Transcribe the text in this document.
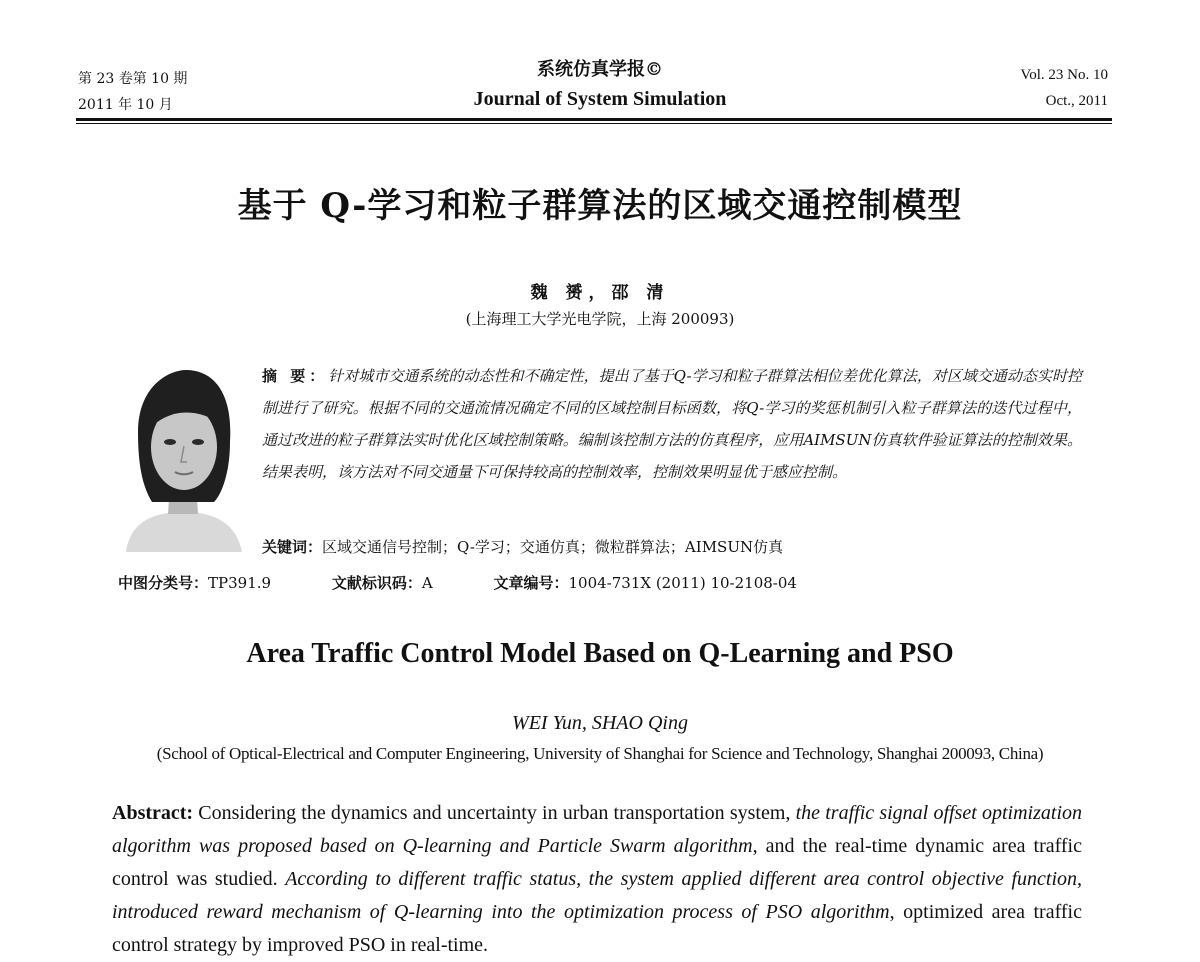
第 23 卷第 10 期
2011 年 10 月
系统仿真学报©
Journal of System Simulation
Vol. 23 No. 10
Oct., 2011
基于 Q-学习和粒子群算法的区域交通控制模型
魏 赟，邵 清
(上海理工大学光电学院，上海 200093)
摘 要：针对城市交通系统的动态性和不确定性，提出了基于Q-学习和粒子群算法相位差优化算法，对区域交通动态实时控制进行了研究。根据不同的交通流情况确定不同的区域控制目标函数，将Q-学习的奖惩机制引入粒子群算法的迭代过程中，通过改进的粒子群算法实时优化区域控制策略。编制该控制方法的仿真程序，应用AIMSUN仿真软件验证算法的控制效果。结果表明，该方法对不同交通量下可保持较高的控制效率，控制效果明显优于感应控制。
关键词：区域交通信号控制；Q-学习；交通仿真；微粒群算法；AIMSUN仿真
中图分类号：TP391.9	文献标识码：A	文章编号：1004-731X (2011) 10-2108-04
Area Traffic Control Model Based on Q-Learning and PSO
WEI Yun, SHAO Qing
(School of Optical-Electrical and Computer Engineering, University of Shanghai for Science and Technology, Shanghai 200093, China)
Abstract: Considering the dynamics and uncertainty in urban transportation system, the traffic signal offset optimization algorithm was proposed based on Q-learning and Particle Swarm algorithm, and the real-time dynamic area traffic control was studied. According to different traffic status, the system applied different area control objective function, introduced reward mechanism of Q-learning into the optimization process of PSO algorithm, optimized area traffic control strategy by improved PSO in real-time.
